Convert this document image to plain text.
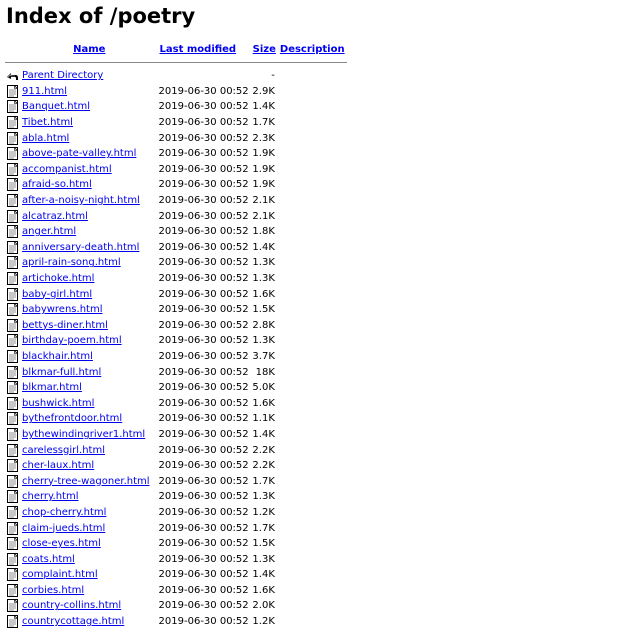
Index of /poetry
	Name	Last modified	Size	Description

	Parent Directory		-	
	911.html	2019-06-30 00:52	2.9K	
	Banquet.html	2019-06-30 00:52	1.4K	
	Tibet.html	2019-06-30 00:52	1.7K	
	abla.html	2019-06-30 00:52	2.3K	
	above-pate-valley.html	2019-06-30 00:52	1.9K	
	accompanist.html	2019-06-30 00:52	1.9K	
	afraid-so.html	2019-06-30 00:52	1.9K	
	after-a-noisy-night.html	2019-06-30 00:52	2.1K	
	alcatraz.html	2019-06-30 00:52	2.1K	
	anger.html	2019-06-30 00:52	1.8K	
	anniversary-death.html	2019-06-30 00:52	1.4K	
	april-rain-song.html	2019-06-30 00:52	1.3K	
	artichoke.html	2019-06-30 00:52	1.3K	
	baby-girl.html	2019-06-30 00:52	1.6K	
	babywrens.html	2019-06-30 00:52	1.5K	
	bettys-diner.html	2019-06-30 00:52	2.8K	
	birthday-poem.html	2019-06-30 00:52	1.3K	
	blackhair.html	2019-06-30 00:52	3.7K	
	blkmar-full.html	2019-06-30 00:52	18K	
	blkmar.html	2019-06-30 00:52	5.0K	
	bushwick.html	2019-06-30 00:52	1.6K	
	bythefrontdoor.html	2019-06-30 00:52	1.1K	
	bythewindingriver1.html	2019-06-30 00:52	1.4K	
	carelessgirl.html	2019-06-30 00:52	2.2K	
	cher-laux.html	2019-06-30 00:52	2.2K	
	cherry-tree-wagoner.html	2019-06-30 00:52	1.7K	
	cherry.html	2019-06-30 00:52	1.3K	
	chop-cherry.html	2019-06-30 00:52	1.2K	
	claim-jueds.html	2019-06-30 00:52	1.7K	
	close-eyes.html	2019-06-30 00:52	1.5K	
	coats.html	2019-06-30 00:52	1.3K	
	complaint.html	2019-06-30 00:52	1.4K	
	corbies.html	2019-06-30 00:52	1.6K	
	country-collins.html	2019-06-30 00:52	2.0K	
	countrycottage.html	2019-06-30 00:52	1.2K	
